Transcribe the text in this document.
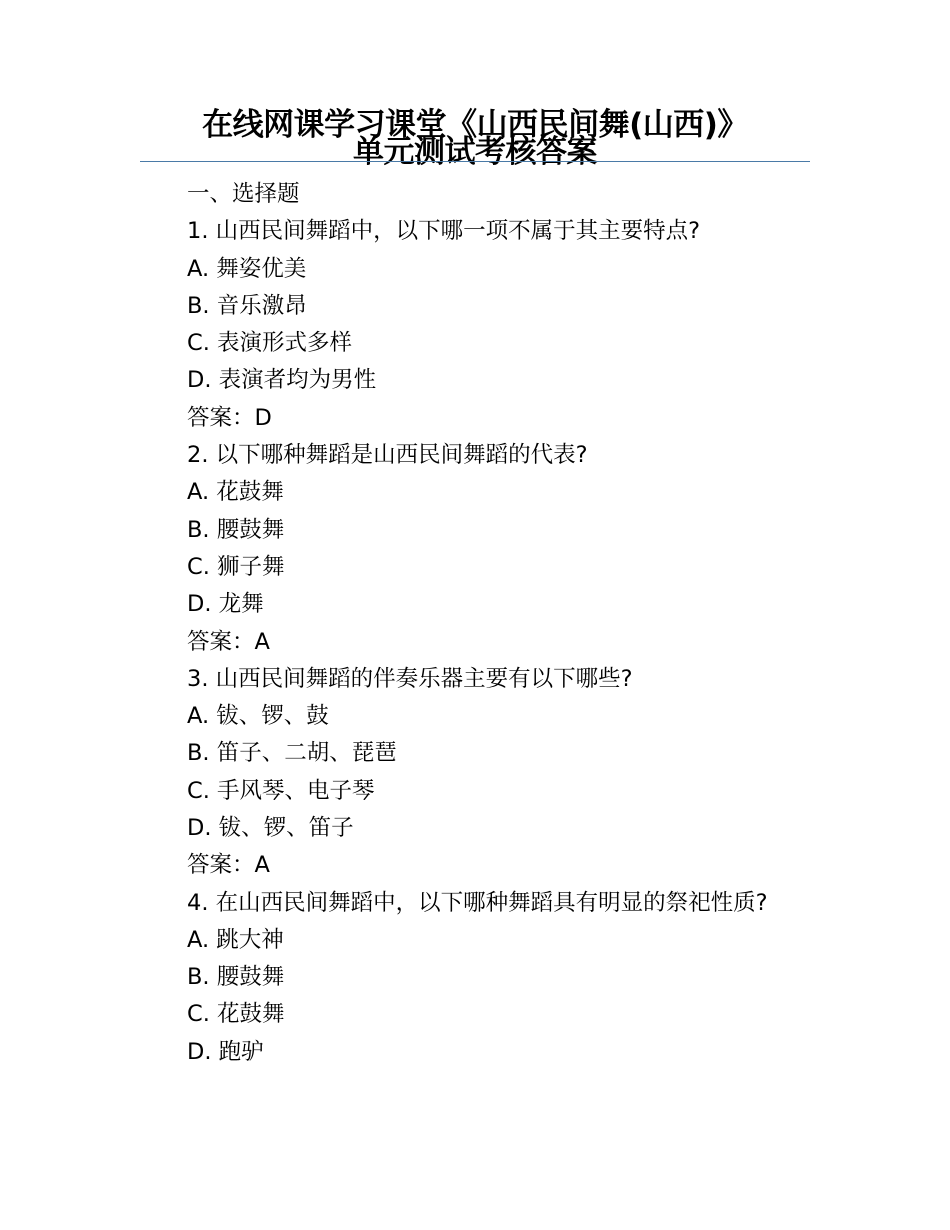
在线网课学习课堂《山西民间舞(山西)》
单元测试考核答案
一、选择题
1. 山西民间舞蹈中，以下哪一项不属于其主要特点?
A. 舞姿优美
B. 音乐激昂
C. 表演形式多样
D. 表演者均为男性
答案：D
2. 以下哪种舞蹈是山西民间舞蹈的代表?
A. 花鼓舞
B. 腰鼓舞
C. 狮子舞
D. 龙舞
答案：A
3. 山西民间舞蹈的伴奏乐器主要有以下哪些?
A. 钹、锣、鼓
B. 笛子、二胡、琵琶
C. 手风琴、电子琴
D. 钹、锣、笛子
答案：A
4. 在山西民间舞蹈中，以下哪种舞蹈具有明显的祭祀性质?
A. 跳大神
B. 腰鼓舞
C. 花鼓舞
D. 跑驴
